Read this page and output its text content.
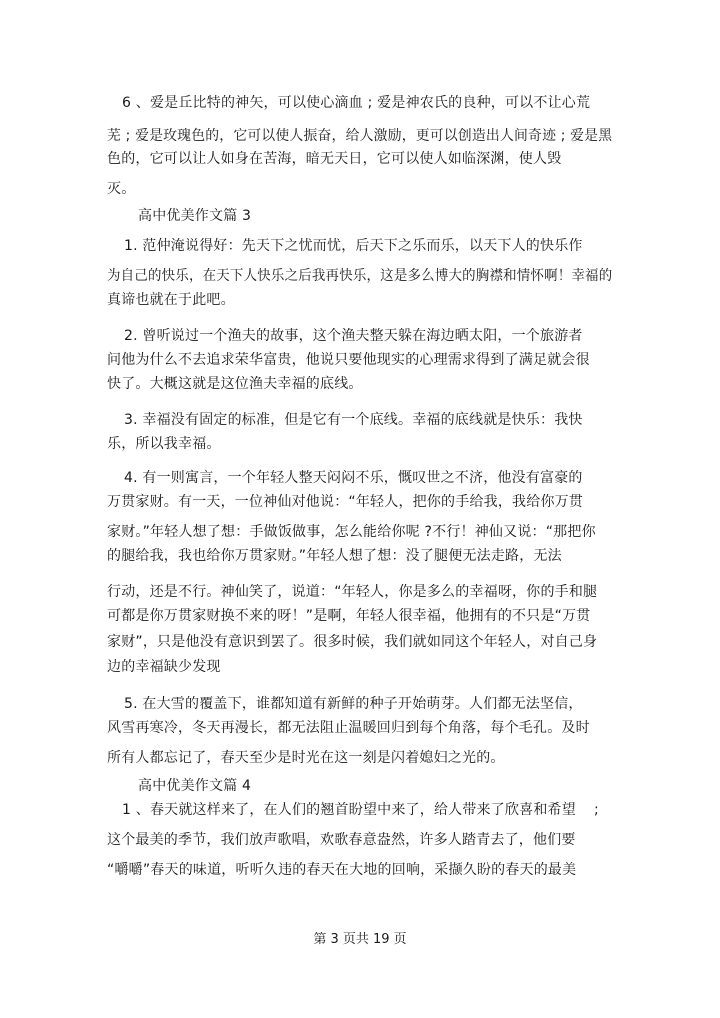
6 、爱是丘比特的神矢，可以使心滴血 ; 爱是神农氏的良种，可以不让心荒
芜 ; 爱是玫瑰色的，它可以使人振奋，给人激励，更可以创造出人间奇迹 ; 爱是黑
色的，它可以让人如身在苦海，暗无天日，它可以使人如临深渊，使人毁
灭。
高中优美作文篇 3
1. 范仲淹说得好：先天下之忧而忧，后天下之乐而乐，以天下人的快乐作
为自己的快乐，在天下人快乐之后我再快乐，这是多么博大的胸襟和情怀啊！幸福的
真谛也就在于此吧。
2. 曾听说过一个渔夫的故事，这个渔夫整天躲在海边晒太阳，一个旅游者
问他为什么不去追求荣华富贵，他说只要他现实的心理需求得到了满足就会很
快了。大概这就是这位渔夫幸福的底线。
3. 幸福没有固定的标准，但是它有一个底线。幸福的底线就是快乐：我快
乐，所以我幸福。
4. 有一则寓言，一个年轻人整天闷闷不乐，慨叹世之不济，他没有富豪的
万贯家财。有一天，一位神仙对他说：“年轻人，把你的手给我，我给你万贯
家财。”年轻人想了想：手做饭做事，怎么能给你呢 ?不行！神仙又说：“那把你
的腿给我，我也给你万贯家财。”年轻人想了想：没了腿便无法走路，无法
行动，还是不行。神仙笑了，说道：“年轻人，你是多么的幸福呀，你的手和腿
可都是你万贯家财换不来的呀！”是啊，年轻人很幸福，他拥有的不只是“万贯
家财”，只是他没有意识到罢了。很多时候，我们就如同这个年轻人，对自己身
边的幸福缺少发现
5. 在大雪的覆盖下，谁都知道有新鲜的种子开始萌芽。人们都无法坚信，
风雪再寒冷，冬天再漫长，都无法阻止温暖回归到每个角落，每个毛孔。及时
所有人都忘记了，春天至少是时光在这一刻是闪着媳妇之光的。
高中优美作文篇 4
1 、春天就这样来了，在人们的翘首盼望中来了，给人带来了欣喜和希望 ;
这个最美的季节，我们放声歌唱，欢歌春意盎然，许多人踏青去了，他们要
“嚼嚼”春天的味道，听听久违的春天在大地的回响，采撷久盼的春天的最美
第 3 页共 19 页
